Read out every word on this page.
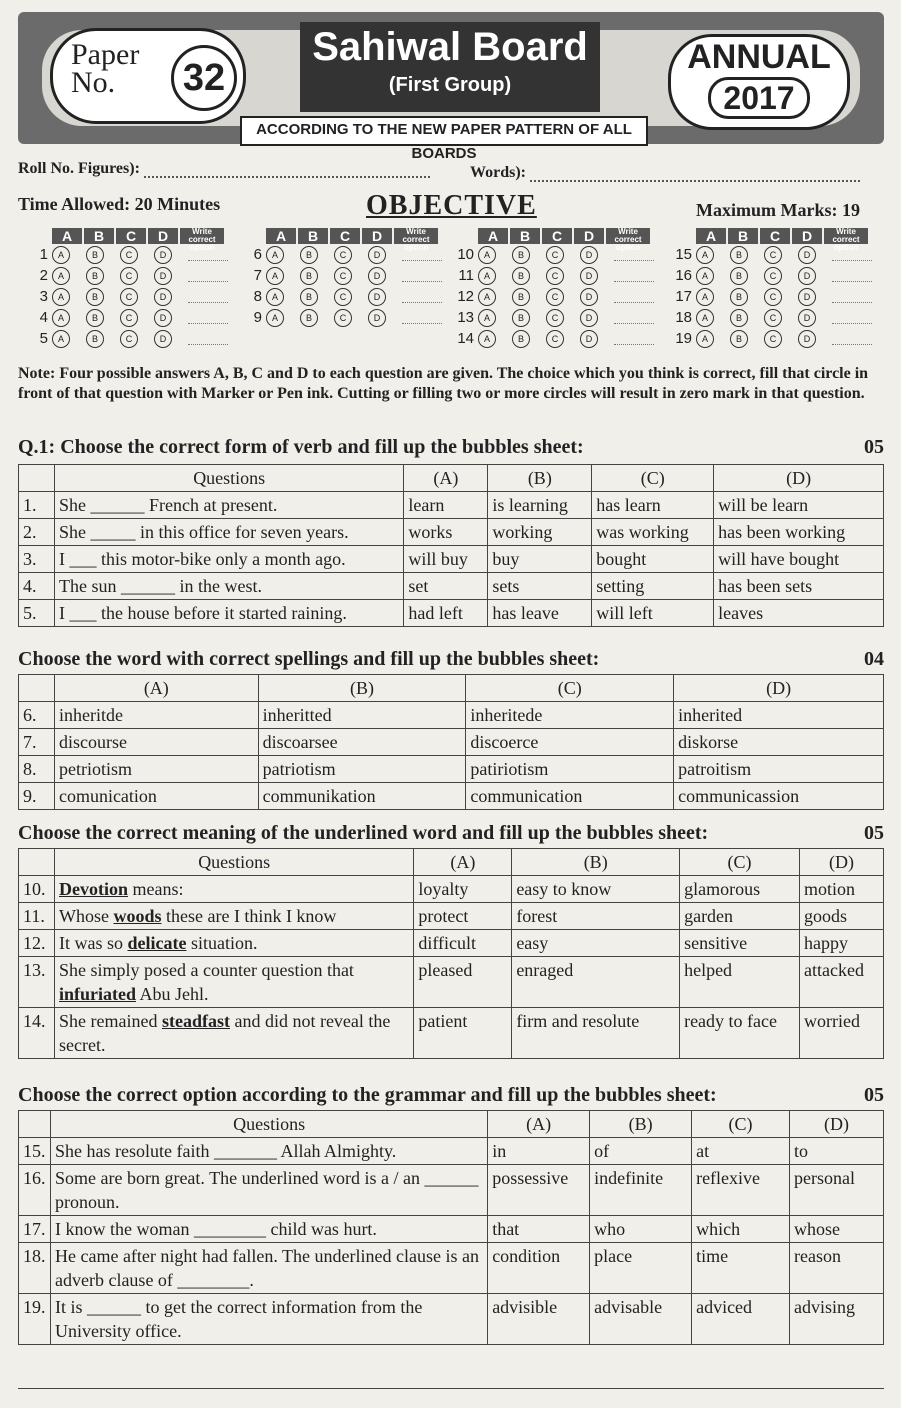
Paper No.	32
Sahiwal Board
(First Group)
ACCORDING TO THE NEW PAPER PATTERN OF ALL BOARDS
ANNUAL
2017
Roll No. Figures):	Words):
Time Allowed: 20 Minutes	OBJECTIVE	Maximum Marks: 19
A	B	C	D	Write correct option
1	A	B	C	D
2	A	B	C	D
3	A	B	C	D
4	A	B	C	D
5	A	B	C	D
A	B	C	D	Write correct option
6	A	B	C	D
7	A	B	C	D
8	A	B	C	D
9	A	B	C	D
A	B	C	D	Write correct option
10	A	B	C	D
11	A	B	C	D
12	A	B	C	D
13	A	B	C	D
14	A	B	C	D
A	B	C	D	Write correct option
15	A	B	C	D
16	A	B	C	D
17	A	B	C	D
18	A	B	C	D
19	A	B	C	D
Note: Four possible answers A, B, C and D to each question are given. The choice which you think is correct, fill that circle in front of that question with Marker or Pen ink. Cutting or filling two or more circles will result in zero mark in that question.
Q.1: Choose the correct form of verb and fill up the bubbles sheet:	05
	Questions	(A)	(B)	(C)	(D)
1.	She ______ French at present.	learn	is learning	has learn	will be learn
2.	She _____ in this office for seven years.	works	working	was working	has been working
3.	I ___ this motor-bike only a month ago.	will buy	buy	bought	will have bought
4.	The sun ______ in the west.	set	sets	setting	has been sets
5.	I ___ the house before it started raining.	had left	has leave	will left	leaves
Choose the word with correct spellings and fill up the bubbles sheet:	04
	(A)	(B)	(C)	(D)
6.	inheritde	inheritted	inheritede	inherited
7.	discourse	discoarsee	discoerce	diskorse
8.	petriotism	patriotism	patiriotism	patroitism
9.	comunication	communikation	communication	communicassion
Choose the correct meaning of the underlined word and fill up the bubbles sheet:	05
	Questions	(A)	(B)	(C)	(D)
10.	Devotion means:	loyalty	easy to know	glamorous	motion
11.	Whose woods these are I think I know	protect	forest	garden	goods
12.	It was so delicate situation.	difficult	easy	sensitive	happy
13.	She simply posed a counter question that infuriated Abu Jehl.	pleased	enraged	helped	attacked
14.	She remained steadfast and did not reveal the secret.	patient	firm and resolute	ready to face	worried
Choose the correct option according to the grammar and fill up the bubbles sheet:	05
	Questions	(A)	(B)	(C)	(D)
15.	She has resolute faith _______ Allah Almighty.	in	of	at	to
16.	Some are born great. The underlined word is a / an ______ pronoun.	possessive	indefinite	reflexive	personal
17.	I know the woman ________ child was hurt.	that	who	which	whose
18.	He came after night had fallen. The underlined clause is an adverb clause of ________.	condition	place	time	reason
19.	It is ______ to get the correct information from the University office.	advisible	advisable	adviced	advising
